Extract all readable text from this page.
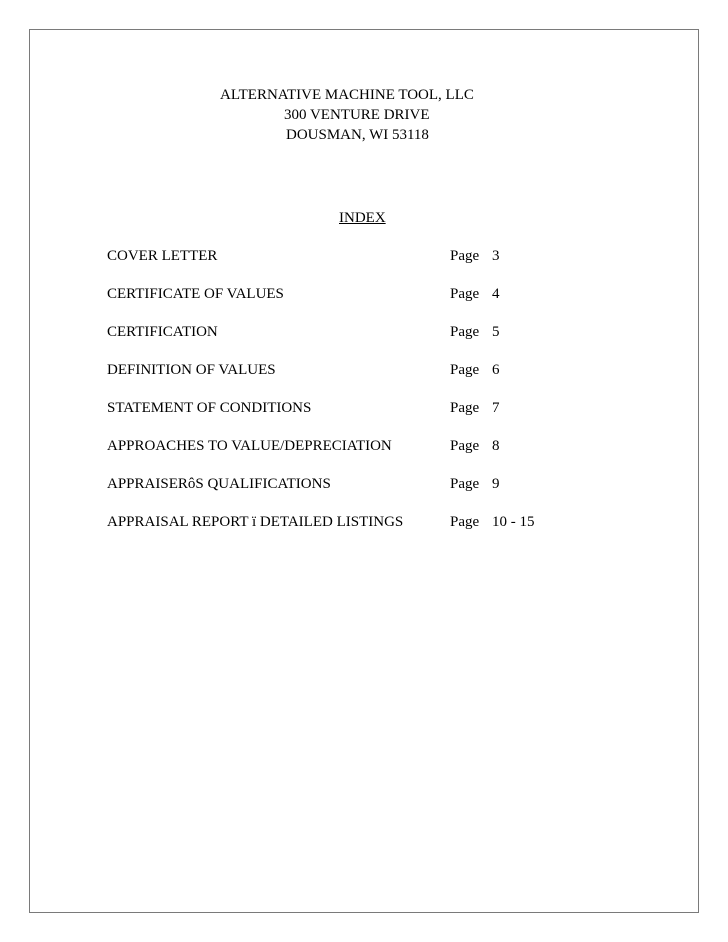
ALTERNATIVE MACHINE TOOL, LLC
300 VENTURE DRIVE
DOUSMAN, WI 53118
INDEX
COVER LETTER	Page 3
CERTIFICATE OF VALUES	Page 4
CERTIFICATION	Page 5
DEFINITION OF VALUES	Page 6
STATEMENT OF CONDITIONS	Page 7
APPROACHES TO VALUE/DEPRECIATION	Page 8
APPRAISERôS QUALIFICATIONS	Page 9
APPRAISAL REPORT ï DETAILED LISTINGS	Page 10 - 15
